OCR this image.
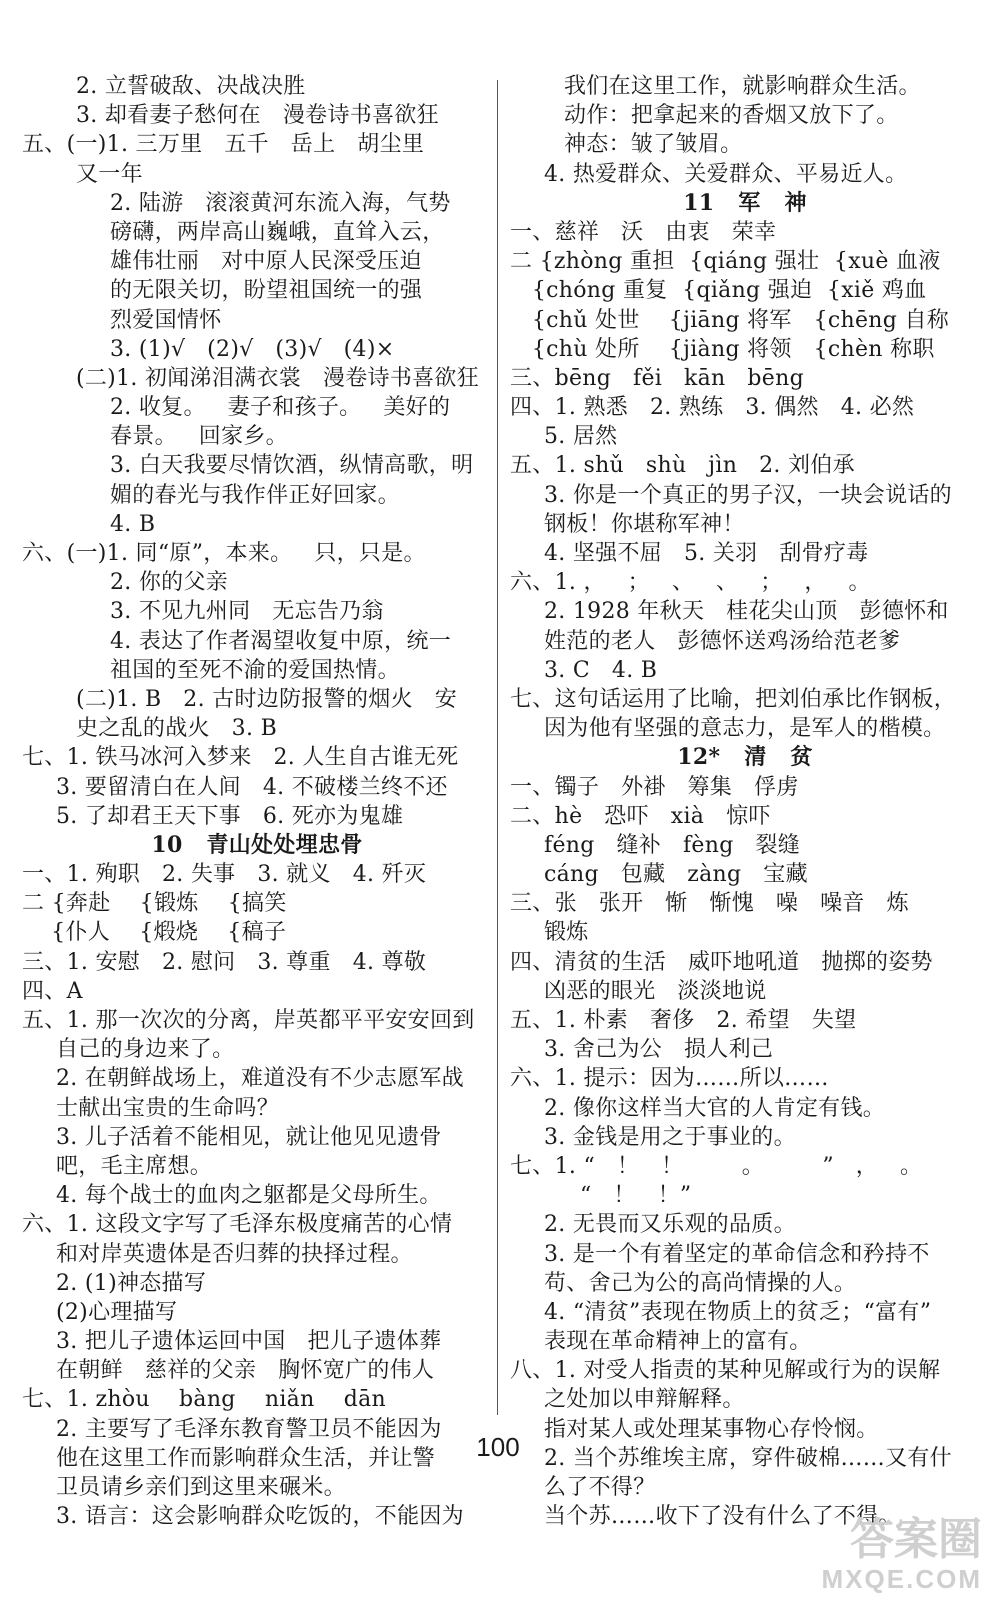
2. 立誓破敌、决战决胜
3. 却看妻子愁何在   漫卷诗书喜欲狂
五、(一)1. 三万里   五千   岳上   胡尘里
又一年
2. 陆游   滚滚黄河东流入海，气势
磅礴，两岸高山巍峨，直耸入云，
雄伟壮丽   对中原人民深受压迫
的无限关切，盼望祖国统一的强
烈爱国情怀
3. (1)√   (2)√   (3)√   (4)×
(二)1. 初闻涕泪满衣裳   漫卷诗书喜欲狂
2. 收复。   妻子和孩子。   美好的
春景。   回家乡。
3. 白天我要尽情饮酒，纵情高歌，明
媚的春光与我作伴正好回家。
4. B
六、(一)1. 同“原”，本来。   只，只是。
2. 你的父亲
3. 不见九州同   无忘告乃翁
4. 表达了作者渴望收复中原，统一
祖国的至死不渝的爱国热情。
(二)1. B   2. 古时边防报警的烟火   安
史之乱的战火   3. B
七、1. 铁马冰河入梦来   2. 人生自古谁无死
3. 要留清白在人间   4. 不破楼兰终不还
5. 了却君王天下事   6. 死亦为鬼雄
10   青山处处埋忠骨
一、1. 殉职   2. 失事   3. 就义   4. 歼灭
二 {奔赴    {锻炼    {搞笑
{仆人    {煅烧    {稿子
三、1. 安慰   2. 慰问   3. 尊重   4. 尊敬
四、A
五、1. 那一次次的分离，岸英都平平安安回到
自己的身边来了。
2. 在朝鲜战场上，难道没有不少志愿军战
士献出宝贵的生命吗？
3. 儿子活着不能相见，就让他见见遗骨
吧，毛主席想。
4. 每个战士的血肉之躯都是父母所生。
六、1. 这段文字写了毛泽东极度痛苦的心情
和对岸英遗体是否归葬的抉择过程。
2. (1)神态描写
(2)心理描写
3. 把儿子遗体运回中国   把儿子遗体葬
在朝鲜   慈祥的父亲   胸怀宽广的伟人
七、1. zhòu    bàng    niǎn    dān
2. 主要写了毛泽东教育警卫员不能因为
他在这里工作而影响群众生活，并让警
卫员请乡亲们到这里来碾米。
3. 语言：这会影响群众吃饭的，不能因为
我们在这里工作，就影响群众生活。
动作：把拿起来的香烟又放下了。
神态：皱了皱眉。
4. 热爱群众、关爱群众、平易近人。
11   军   神
一、慈祥   沃   由衷   荣幸
二 {zhòng 重担  {qiáng 强壮  {xuè 血液
{chóng 重复  {qiǎng 强迫  {xiě 鸡血
{chǔ 处世    {jiāng 将军   {chēng 自称
{chù 处所    {jiàng 将领   {chèn 称职
三、bēng   fěi   kān   bēng
四、1. 熟悉   2. 熟练   3. 偶然   4. 必然
5. 居然
五、1. shǔ   shù   jìn   2. 刘伯承
3. 你是一个真正的男子汉，一块会说话的
钢板！你堪称军神！
4. 坚强不屈   5. 关羽   刮骨疗毒
六、1. ，   ；   、   、   ；   ，   。
2. 1928 年秋天   桂花尖山顶   彭德怀和
姓范的老人   彭德怀送鸡汤给范老爹
3. C   4. B
七、这句话运用了比喻，把刘伯承比作钢板，
因为他有坚强的意志力，是军人的楷模。
12*   清   贫
一、镯子   外褂   筹集   俘虏
二、hè   恐吓   xià   惊吓
féng   缝补   fèng   裂缝
cáng   包藏   zàng   宝藏
三、张   张开   惭   惭愧   噪   噪音   炼
锻炼
四、清贫的生活   威吓地吼道   抛掷的姿势
凶恶的眼光   淡淡地说
五、1. 朴素   奢侈   2. 希望   失望
3. 舍己为公   损人利己
六、1. 提示：因为……所以……
2. 像你这样当大官的人肯定有钱。
3. 金钱是用之于事业的。
七、1. “   ！   ！        。        ”   ，   。
“   ！   ！”
2. 无畏而又乐观的品质。
3. 是一个有着坚定的革命信念和矜持不
苟、舍己为公的高尚情操的人。
4. “清贫”表现在物质上的贫乏；“富有”
表现在革命精神上的富有。
八、1. 对受人指责的某种见解或行为的误解
之处加以申辩解释。
指对某人或处理某事物心存怜悯。
2. 当个苏维埃主席，穿件破棉……又有什
么了不得？
当个苏……收下了没有什么了不得。
100
答案圈
MXQE.COM
